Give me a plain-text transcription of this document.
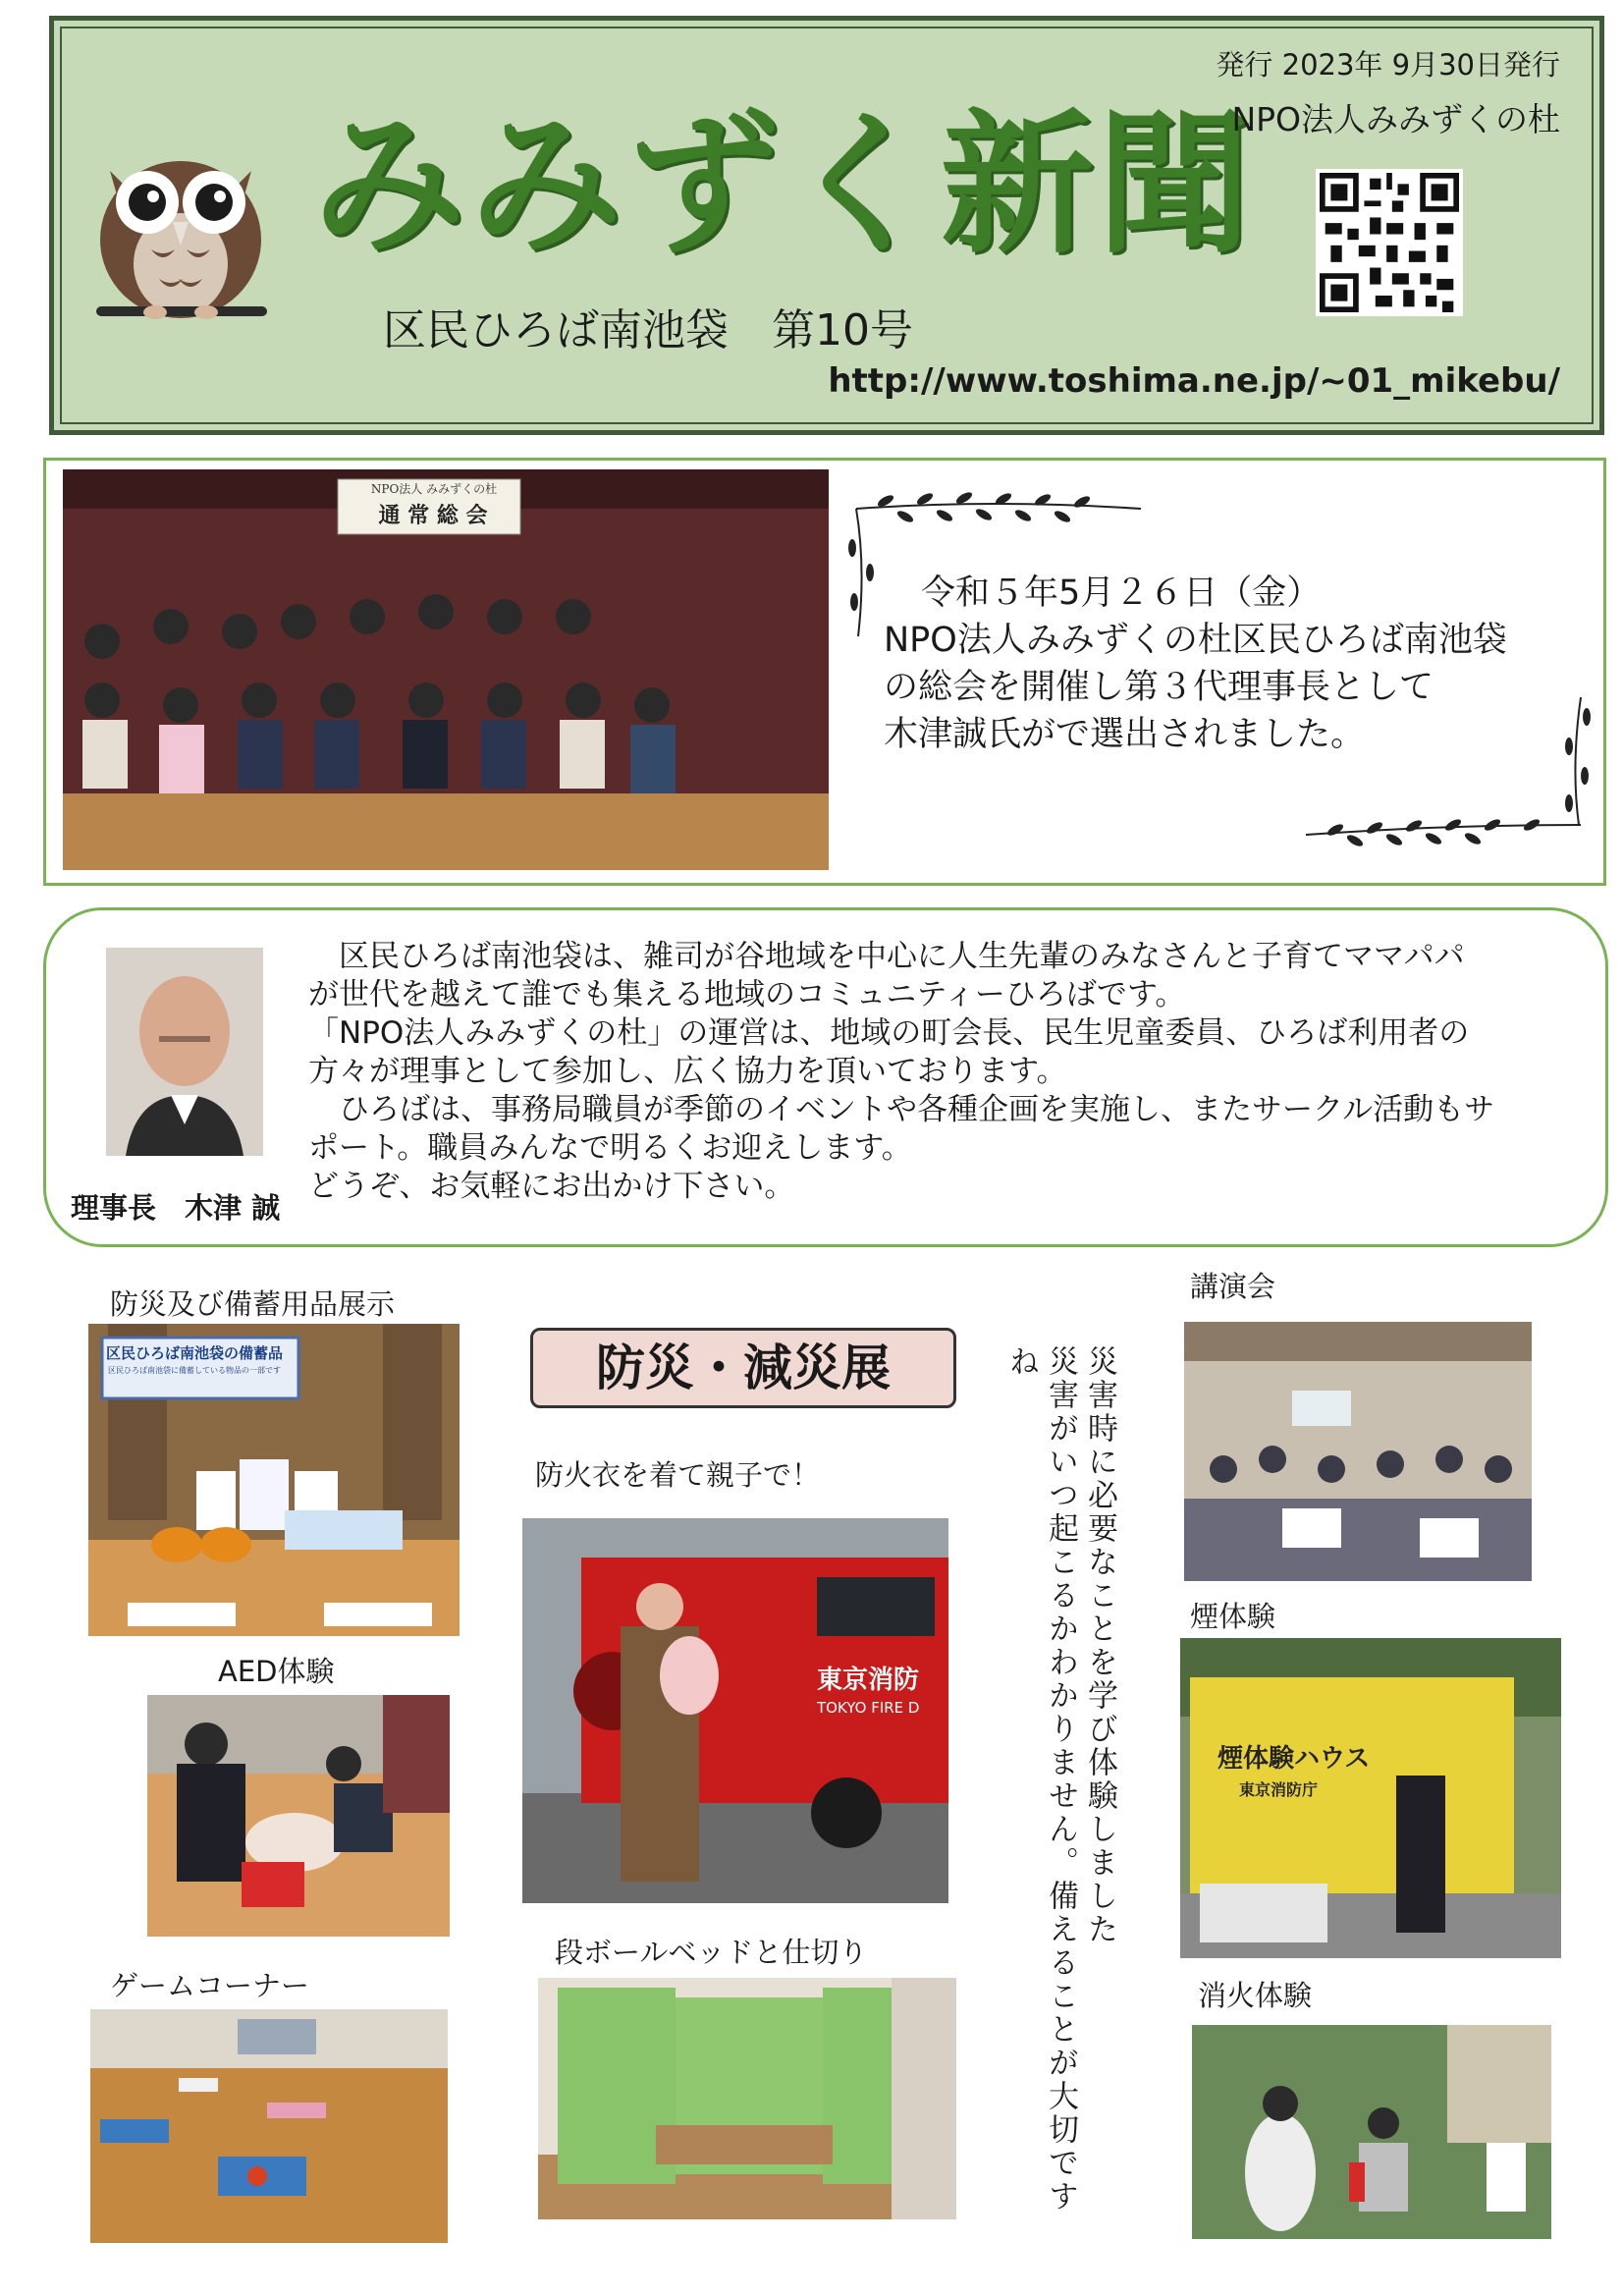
みみずく新聞
発行 2023年 9月30日発行
NPO法人みみずくの杜
区民ひろば南池袋　第10号
http://www.toshima.ne.jp/~01_mikebu/
NPO法人 みみずくの杜
通 常 総 会
令和５年5月２６日（金）
NPO法人みみずくの杜区民ひろば南池袋
の総会を開催し第３代理事長として
木津誠氏がで選出されました。
　区民ひろば南池袋は、雑司が谷地域を中心に人生先輩のみなさんと子育てママパパ
が世代を越えて誰でも集える地域のコミュニティーひろばです。
「NPO法人みみずくの杜」の運営は、地域の町会長、民生児童委員、ひろば利用者の
方々が理事として参加し、広く協力を頂いております。
　ひろばは、事務局職員が季節のイベントや各種企画を実施し、またサークル活動もサ
ポート。職員みんなで明るくお迎えします。
どうぞ、お気軽にお出かけ下さい。
理事長　木津 誠
防災及び備蓄用品展示
区民ひろば南池袋の備蓄品
区民ひろば南池袋に備蓄している物品の一部です
AED体験
ゲームコーナー
防災・減災展
防火衣を着て親子で！
東京消防
TOKYO FIRE D
段ボールベッドと仕切り
災害時に必要なことを学び体験しました
災害がいつ起こるかわかりません。備えることが大切ですね
講演会
煙体験
煙体験ハウス
東京消防庁
消火体験
